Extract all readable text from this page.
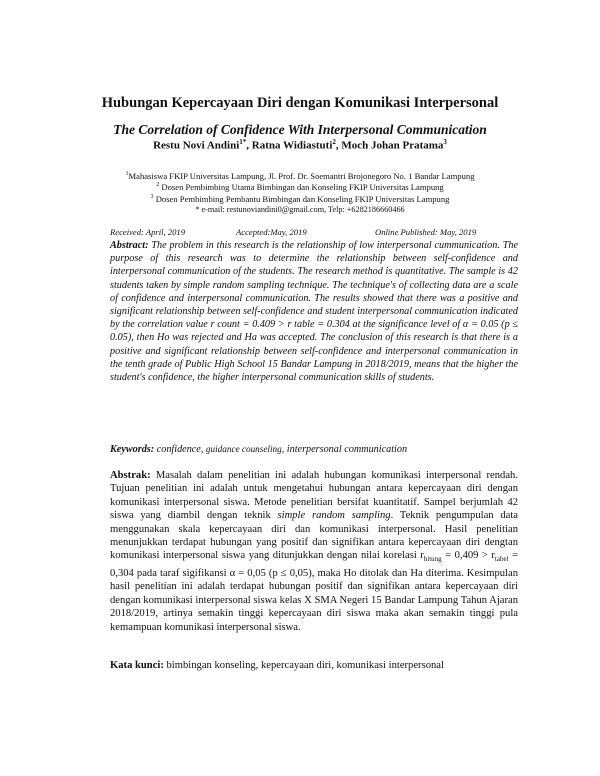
Hubungan Kepercayaan Diri dengan Komunikasi Interpersonal
The Correlation of Confidence With Interpersonal Communication
Restu Novi Andini$^{1*}$, Ratna Widiastuti$^2$, Moch Johan Pratama$^3$
$^1$Mahasiswa FKIP Universitas Lampung, Jl. Prof. Dr. Soemantri Brojonegoro No. 1 Bandar Lampung
$^2$ Dosen Pembimbing Utama Bimbingan dan Konseling FKIP Universitas Lampung
$^3$ Dosen Pembimbing Pembantu Bimbingan dan Konseling FKIP Universitas Lampung
* e-mail: restunoviandini0@gmail.com, Telp: +6282186660466
Received: April, 2019	Accepted:May, 2019	Online Published: May, 2019
Abstract: The problem in this research is the relationship of low interpersonal cummunication. The purpose of this research was to determine the relationship between self-confidence and interpersonal communication of the students. The research method is quantitative. The sample is 42 students taken by simple random sampling technique. The technique's of collecting data are a scale of confidence and interpersonal communication. The results showed that there was a positive and significant relationship between self-confidence and student interpersonal communication indicated by the correlation value r count = 0.409 > r table = 0.304 at the significance level of α = 0.05 (p ≤ 0.05), then Ho was rejected and Ha was accepted. The conclusion of this research is that there is a positive and significant relationship between self-confidence and interpersonal communication in the tenth grade of Public High School 15 Bandar Lampung in 2018/2019, means that the higher the student's confidence, the higher interpersonal communication skills of students.
Keywords: confidence, guidance counseling, interpersonal communication
Abstrak: Masalah dalam penelitian ini adalah hubungan komunikasi interpersonal rendah. Tujuan penelitian ini adalah untuk mengetahui hubungan antara kepercayaan diri dengan komunikasi interpersonal siswa. Metode penelitian bersifat kuantitatif. Sampel berjumlah 42 siswa yang diambil dengan teknik simple random sampling. Teknik pengumpulan data menggunakan skala kepercayaan diri dan komunikasi interpersonal. Hasil penelitian menunjukkan terdapat hubungan yang positif dan signifikan antara kepercayaan diri dengtan komunikasi interpersonal siswa yang ditunjukkan dengan nilai korelasi $r_{hitung} = 0,409 > r_{tabel} = 0,304$ pada taraf sigifikansi α = 0,05 (p ≤ 0,05), maka Ho ditolak dan Ha diterima. Kesimpulan hasil penelitian ini adalah terdapat hubungan positif dan signifikan antara kepercayaan diri dengan komunikasi interpersonal siswa kelas X SMA Negeri 15 Bandar Lampung Tahun Ajaran 2018/2019, artinya semakin tinggi kepercayaan diri siswa maka akan semakin tinggi pula kemampuan komunikasi interpersonal siswa.
Kata kunci: bimbingan konseling, kepercayaan diri, komunikasi interpersonal
